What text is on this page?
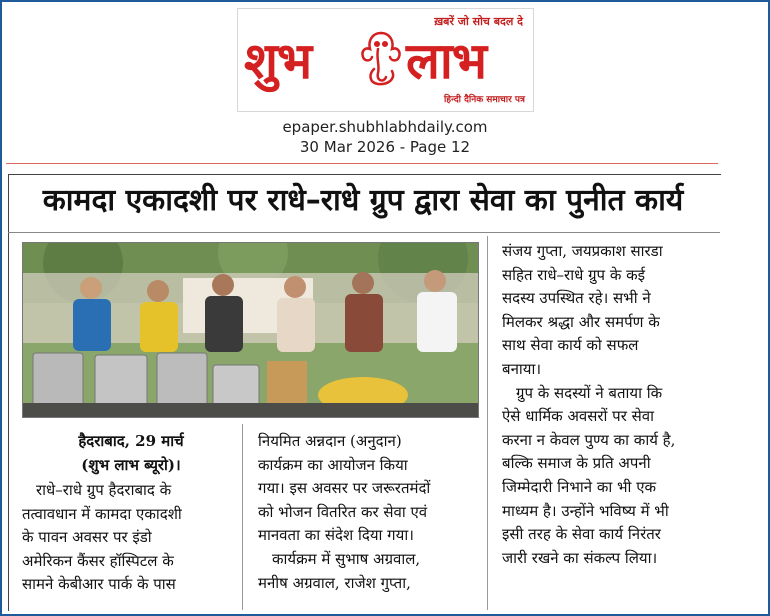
ख़बरें जो सोच बदल दे
शुभ लाभ
हिन्दी दैनिक समाचार पत्र
epaper.shubhlabhdaily.com
30 Mar 2026 - Page 12
कामदा एकादशी पर राधे–राधे ग्रुप द्वारा सेवा का पुनीत कार्य
हैदराबाद, 29 मार्च
(शुभ लाभ ब्यूरो)।

राधे–राधे ग्रुप हैदराबाद के

तत्वावधान में कामदा एकादशी

के पावन अवसर पर इंडो

अमेरिकन कैंसर हॉस्पिटल के

सामने केबीआर पार्क के पास

नियमित अन्नदान (अनुदान)

कार्यक्रम का आयोजन किया

गया। इस अवसर पर जरूरतमंदों

को भोजन वितरित कर सेवा एवं

मानवता का संदेश दिया गया।

कार्यक्रम में सुभाष अग्रवाल,

मनीष अग्रवाल, राजेश गुप्ता,

संजय गुप्ता, जयप्रकाश सारडा

सहित राधे–राधे ग्रुप के कई

सदस्य उपस्थित रहे। सभी ने

मिलकर श्रद्धा और समर्पण के

साथ सेवा कार्य को सफल

बनाया।

ग्रुप के सदस्यों ने बताया कि

ऐसे धार्मिक अवसरों पर सेवा

करना न केवल पुण्य का कार्य है,

बल्कि समाज के प्रति अपनी

जिम्मेदारी निभाने का भी एक

माध्यम है। उन्होंने भविष्य में भी

इसी तरह के सेवा कार्य निरंतर

जारी रखने का संकल्प लिया।
